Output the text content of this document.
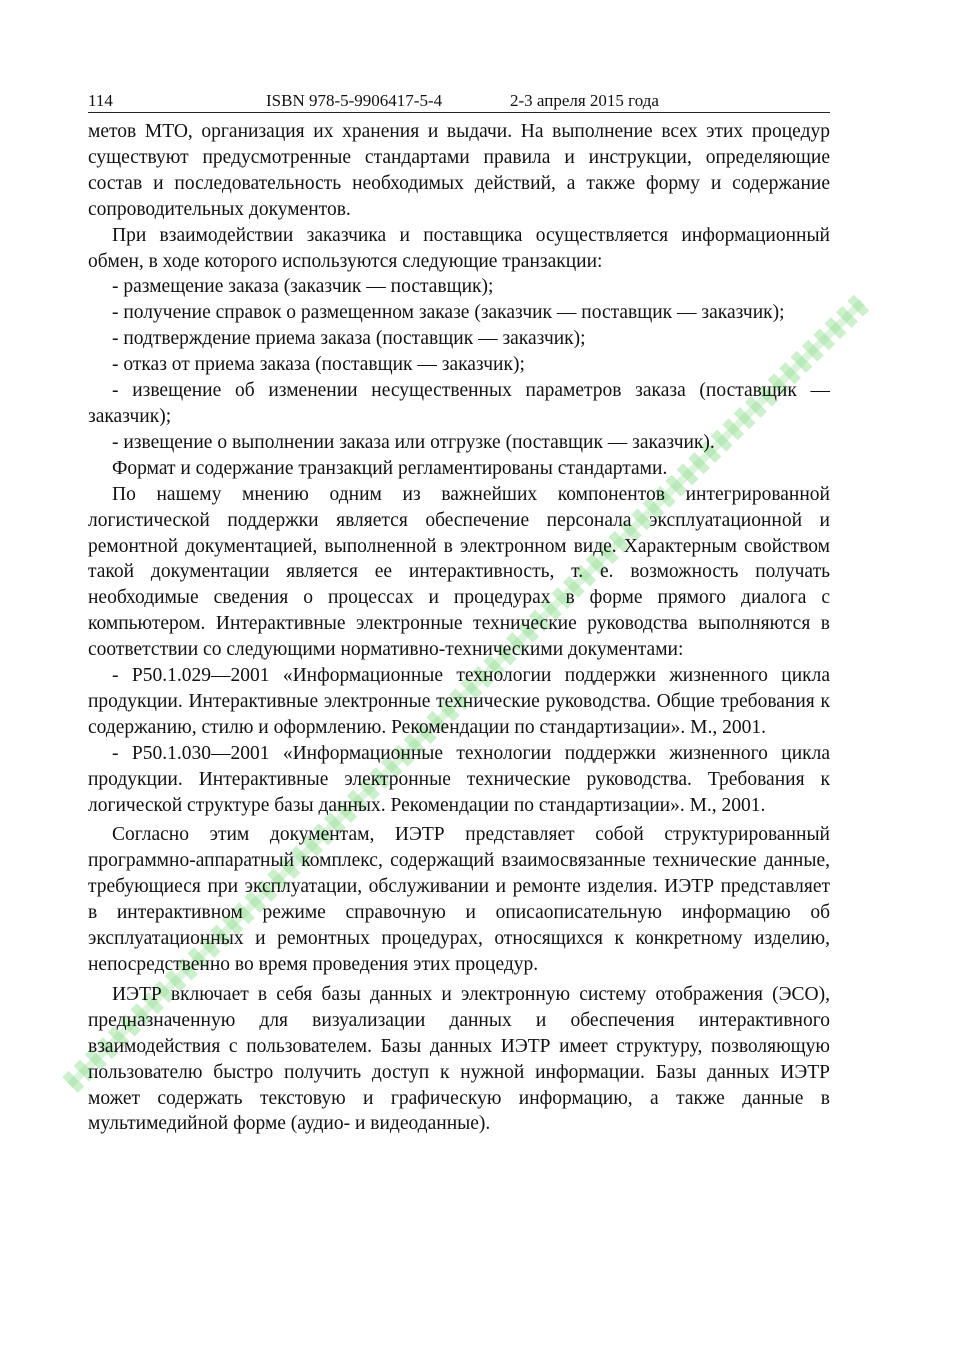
114	ISBN 978-5-9906417-5-4	2-3 апреля 2015 года

метов МТО, организация их хранения и выдачи. На выполнение всех этих процедур существуют предусмотренные стандартами правила и инструкции, определяющие состав и последовательность необходимых действий, а также форму и содержание сопроводительных документов.

При взаимодействии заказчика и поставщика осуществляется информационный обмен, в ходе которого используются следующие транзакции:

- размещение заказа (заказчик — поставщик);

- получение справок о размещенном заказе (заказчик — поставщик — заказчик);

- подтверждение приема заказа (поставщик — заказчик);

- отказ от приема заказа (поставщик — заказчик);

- извещение об изменении несущественных параметров заказа (поставщик — заказчик);

- извещение о выполнении заказа или отгрузке (поставщик — заказчик).

Формат и содержание транзакций регламентированы стандартами.

По нашему мнению одним из важнейших компонентов интегрированной логистической поддержки является обеспечение персонала эксплуатационной и ремонтной документацией, выполненной в электронном виде. Характерным свойством такой документации является ее интерактивность, т. е. возможность получать необходимые сведения о процессах и процедурах в форме прямого диалога с компьютером. Интерактивные электронные технические руководства выполняются в соответствии со следующими нормативно-техническими документами:

- Р50.1.029—2001 «Информационные технологии поддержки жизненного цикла продукции. Интерактивные электронные технические руководства. Общие требования к содержанию, стилю и оформлению. Рекомендации по стандартизации». М., 2001.

- Р50.1.030—2001 «Информационные технологии поддержки жизненного цикла продукции. Интерактивные электронные технические руководства. Требования к логической структуре базы данных. Рекомендации по стандартизации». М., 2001.

Согласно этим документам, ИЭТР представляет собой структурированный программно-аппаратный комплекс, содержащий взаимосвязанные технические данные, требующиеся при эксплуатации, обслуживании и ремонте изделия. ИЭТР представляет в интерактивном режиме справочную и описаописательную информацию об эксплуатационных и ремонтных процедурах, относящихся к конкретному изделию, непосредственно во время проведения этих процедур.

ИЭТР включает в себя базы данных и электронную систему отображения (ЭСО), предназначенную для визуализации данных и обеспечения интерактивного взаимодействия с пользователем. Базы данных ИЭТР имеет структуру, позволяющую пользователю быстро получить доступ к нужной информации. Базы данных ИЭТР может содержать текстовую и графическую информацию, а также данные в мультимедийной форме (аудио- и видеоданные).
